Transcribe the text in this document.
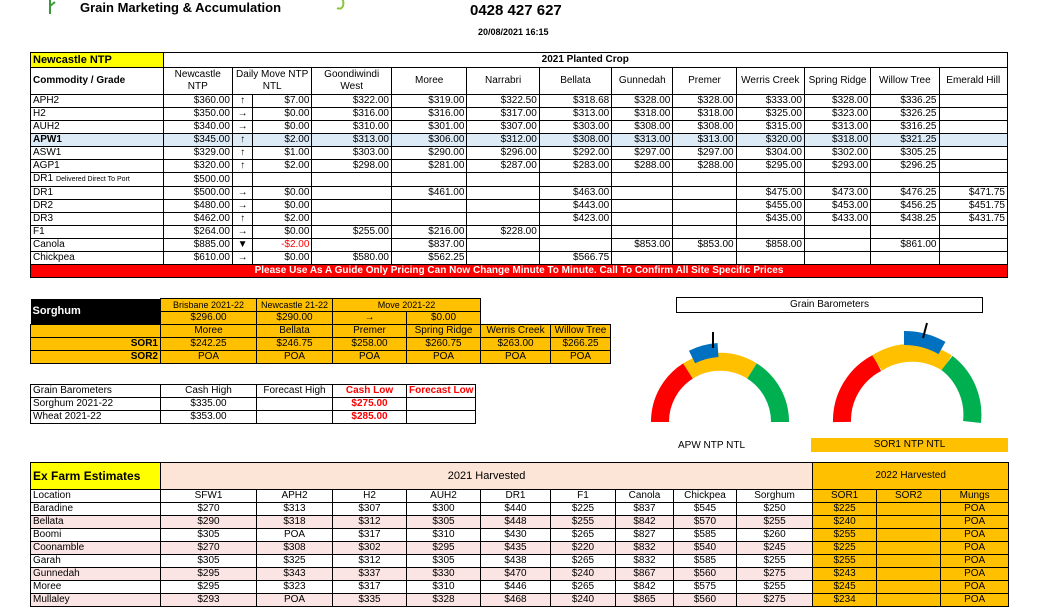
Grain Marketing & Accumulation	0428 427 627
20/08/2021 16:15
Newcastle NTP	2021 Planted Crop												
Commodity / Grade	Newcastle NTP	Daily Move NTP NTL		Goondiwindi West	Moree	Narrabri	Bellata	Gunnedah	Premer	Werris Creek	Spring Ridge	Willow Tree	Emerald Hill
APH2	$360.00	↑	$7.00	$322.00	$319.00	$322.50	$318.68	$328.00	$328.00	$333.00	$328.00	$336.25	
H2	$350.00	→	$0.00	$316.00	$316.00	$317.00	$313.00	$318.00	$318.00	$325.00	$323.00	$326.25	
AUH2	$340.00	→	$0.00	$310.00	$301.00	$307.00	$303.00	$308.00	$308.00	$315.00	$313.00	$316.25	
APW1	$345.00	↑	$2.00	$313.00	$306.00	$312.00	$308.00	$313.00	$313.00	$320.00	$318.00	$321.25	
ASW1	$329.00	↑	$1.00	$303.00	$290.00	$296.00	$292.00	$297.00	$297.00	$304.00	$302.00	$305.25	
AGP1	$320.00	↑	$2.00	$298.00	$281.00	$287.00	$283.00	$288.00	$288.00	$295.00	$293.00	$296.25	
DR1 Delivered Direct To Port	$500.00												
DR1	$500.00	→	$0.00		$461.00		$463.00			$475.00	$473.00	$476.25	$471.75
DR2	$480.00	→	$0.00				$443.00			$455.00	$453.00	$456.25	$451.75
DR3	$462.00	↑	$2.00				$423.00			$435.00	$433.00	$438.25	$431.75
F1	$264.00	→	$0.00	$255.00	$216.00	$228.00							
Canola	$885.00	▼	-$2.00		$837.00			$853.00	$853.00	$858.00		$861.00	
Chickpea	$610.00	→	$0.00	$580.00	$562.25		$566.75						
Please Use As A Guide Only Pricing Can Now Change Minute To Minute. Call To Confirm All Site Specific Prices													
Sorghum	Brisbane 2021-22	Newcastle 21-22	Move 2021-22			
	$296.00	$290.00	→	$0.00		
	Moree	Bellata	Premer	Spring Ridge	Werris Creek	Willow Tree
SOR1	$242.25	$246.75	$258.00	$260.75	$263.00	$266.25
SOR2	POA	POA	POA	POA	POA	POA
Grain Barometers	Cash High	Forecast High	Cash Low	Forecast Low
Sorghum 2021-22	$335.00		$275.00	
Wheat 2021-22	$353.00		$285.00	
Grain Barometers
APW NTP NTL	SOR1 NTP NTL
Ex Farm Estimates	2021 Harvested									2022 Harvested		
Location	SFW1	APH2	H2	AUH2	DR1	F1	Canola	Chickpea	Sorghum	SOR1	SOR2	Mungs
Baradine	$270	$313	$307	$300	$440	$225	$837	$545	$250	$225		POA
Bellata	$290	$318	$312	$305	$448	$255	$842	$570	$255	$240		POA
Boomi	$305	POA	$317	$310	$430	$265	$827	$585	$260	$255		POA
Coonamble	$270	$308	$302	$295	$435	$220	$832	$540	$245	$225		POA
Garah	$305	$325	$312	$305	$438	$265	$832	$585	$255	$255		POA
Gunnedah	$295	$343	$337	$330	$470	$240	$867	$560	$275	$243		POA
Moree	$295	$323	$317	$310	$446	$265	$842	$575	$255	$245		POA
Mullaley	$293	POA	$335	$328	$468	$240	$865	$560	$275	$234		POA
